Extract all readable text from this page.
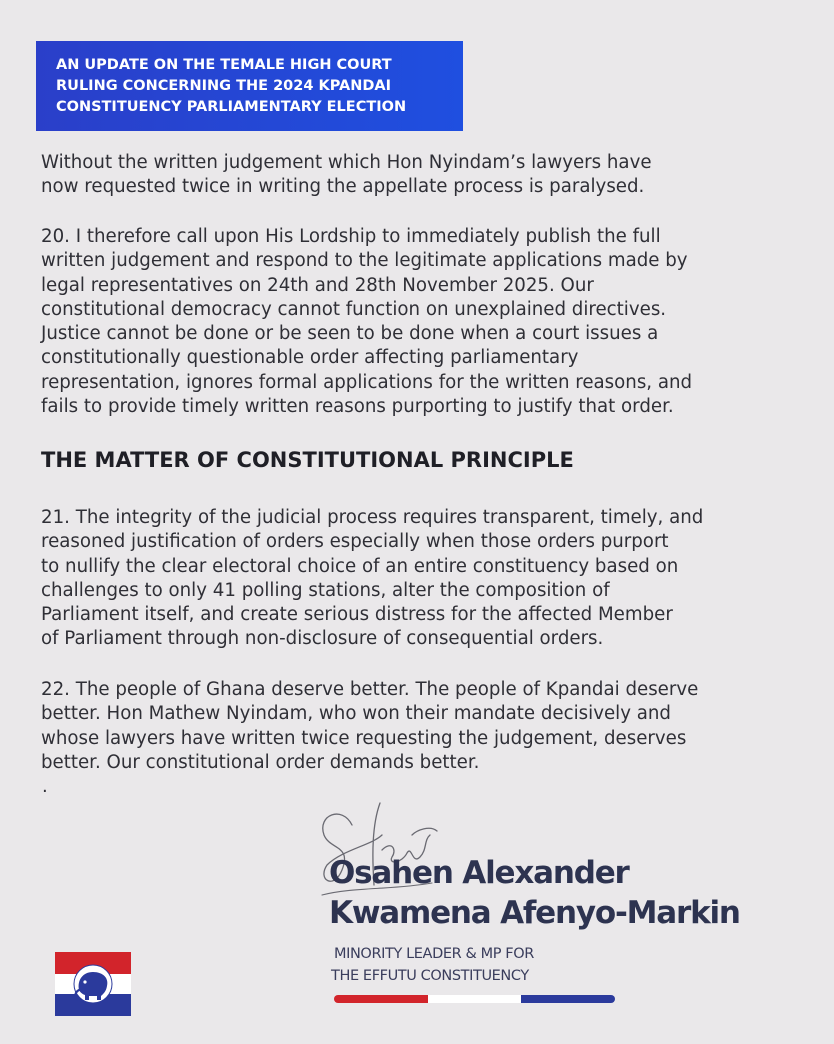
AN UPDATE ON THE TEMALE HIGH COURT
RULING CONCERNING THE 2024 KPANDAI
CONSTITUENCY PARLIAMENTARY ELECTION
Without the written judgement which Hon Nyindam’s lawyers have
now requested twice in writing the appellate process is paralysed.
20. I therefore call upon His Lordship to immediately publish the full
written judgement and respond to the legitimate applications made by
legal representatives on 24th and 28th November 2025. Our
constitutional democracy cannot function on unexplained directives.
Justice cannot be done or be seen to be done when a court issues a
constitutionally questionable order affecting parliamentary
representation, ignores formal applications for the written reasons, and
fails to provide timely written reasons purporting to justify that order.
THE MATTER OF CONSTITUTIONAL PRINCIPLE
21. The integrity of the judicial process requires transparent, timely, and
reasoned justification of orders especially when those orders purport
to nullify the clear electoral choice of an entire constituency based on
challenges to only 41 polling stations, alter the composition of
Parliament itself, and create serious distress for the affected Member
of Parliament through non-disclosure of consequential orders.
22. The people of Ghana deserve better. The people of Kpandai deserve
better. Hon Mathew Nyindam, who won their mandate decisively and
whose lawyers have written twice requesting the judgement, deserves
better. Our constitutional order demands better.
.
Osahen Alexander
Kwamena Afenyo-Markin
MINORITY LEADER & MP FOR
THE EFFUTU CONSTITUENCY
